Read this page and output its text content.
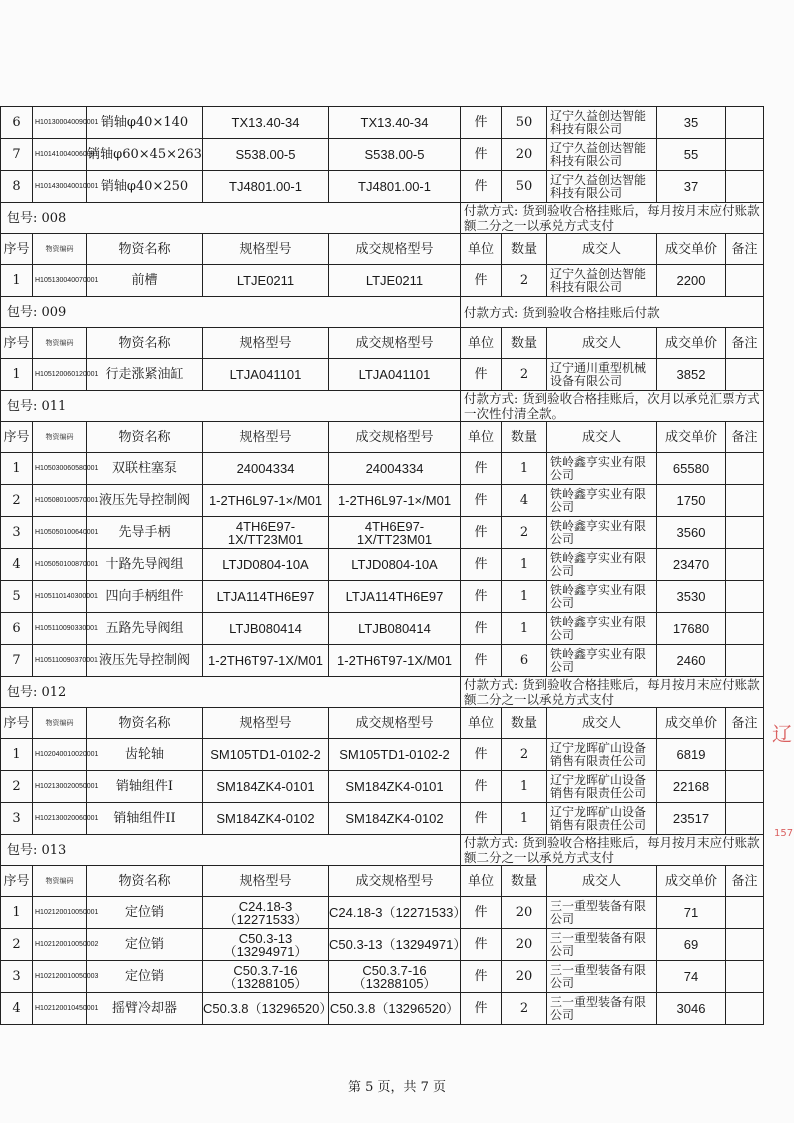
6	H101300040090001	销轴φ40×140	TX13.40-34	TX13.40-34	件	50	辽宁久益创达智能科技有限公司	35	
7	H101410040060001	销轴φ60×45×263	S538.00-5	S538.00-5	件	20	辽宁久益创达智能科技有限公司	55	
8	H101430040010001	销轴φ40×250	TJ4801.00-1	TJ4801.00-1	件	50	辽宁久益创达智能科技有限公司	37	
包号: 008					付款方式: 货到验收合格挂账后，每月按月末应付账款额二分之一以承兑方式支付				
序号	物资编码	物资名称	规格型号	成交规格型号	单位	数量	成交人	成交单价	备注
1	H105130040070001	前槽	LTJE0211	LTJE0211	件	2	辽宁久益创达智能科技有限公司	2200	
包号: 009					付款方式: 货到验收合格挂账后付款				
序号	物资编码	物资名称	规格型号	成交规格型号	单位	数量	成交人	成交单价	备注
1	H105120060120001	行走涨紧油缸	LTJA041101	LTJA041101	件	2	辽宁通川重型机械设备有限公司	3852	
包号: 011					付款方式: 货到验收合格挂账后，次月以承兑汇票方式一次性付清全款。				
序号	物资编码	物资名称	规格型号	成交规格型号	单位	数量	成交人	成交单价	备注
1	H105030060580001	双联柱塞泵	24004334	24004334	件	1	铁岭鑫亨实业有限公司	65580	
2	H105080100570001	液压先导控制阀	1-2TH6L97-1×/M01	1-2TH6L97-1×/M01	件	4	铁岭鑫亨实业有限公司	1750	
3	H105050100640001	先导手柄	4TH6E97-1X/TT23M01	4TH6E97-1X/TT23M01	件	2	铁岭鑫亨实业有限公司	3560	
4	H105050100870001	十路先导阀组	LTJD0804-10A	LTJD0804-10A	件	1	铁岭鑫亨实业有限公司	23470	
5	H105110140300001	四向手柄组件	LTJA114TH6E97	LTJA114TH6E97	件	1	铁岭鑫亨实业有限公司	3530	
6	H105110090330001	五路先导阀组	LTJB080414	LTJB080414	件	1	铁岭鑫亨实业有限公司	17680	
7	H105110090370001	液压先导控制阀	1-2TH6T97-1X/M01	1-2TH6T97-1X/M01	件	6	铁岭鑫亨实业有限公司	2460	
包号: 012					付款方式: 货到验收合格挂账后，每月按月末应付账款额二分之一以承兑方式支付				
序号	物资编码	物资名称	规格型号	成交规格型号	单位	数量	成交人	成交单价	备注
1	H102040010020001	齿轮轴	SM105TD1-0102-2	SM105TD1-0102-2	件	2	辽宁龙晖矿山设备销售有限责任公司	6819	
2	H102130020050001	销轴组件I	SM184ZK4-0101	SM184ZK4-0101	件	1	辽宁龙晖矿山设备销售有限责任公司	22168	
3	H102130020060001	销轴组件II	SM184ZK4-0102	SM184ZK4-0102	件	1	辽宁龙晖矿山设备销售有限责任公司	23517	
包号: 013					付款方式: 货到验收合格挂账后，每月按月末应付账款额二分之一以承兑方式支付				
序号	物资编码	物资名称	规格型号	成交规格型号	单位	数量	成交人	成交单价	备注
1	H102120010050001	定位销	C24.18-3（12271533）	C24.18-3（12271533）	件	20	三一重型装备有限公司	71	
2	H102120010050002	定位销	C50.3-13（13294971）	C50.3-13（13294971）	件	20	三一重型装备有限公司	69	
3	H102120010050003	定位销	C50.3.7-16（13288105）	C50.3.7-16（13288105）	件	20	三一重型装备有限公司	74	
4	H102120010450001	摇臂冷却器	C50.3.8（13296520）	C50.3.8（13296520）	件	2	三一重型装备有限公司	3046	
辽
157
第 5 页，共 7 页
